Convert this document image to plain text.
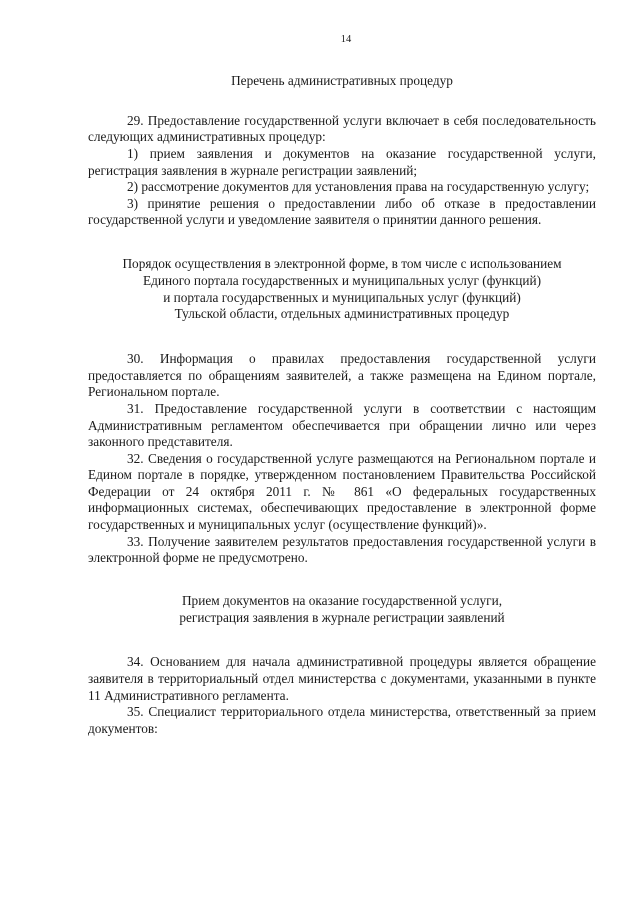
14
Перечень административных процедур
29. Предоставление государственной услуги включает в себя последовательность следующих административных процедур:
1) прием заявления и документов на оказание государственной услуги, регистрация заявления в журнале регистрации заявлений;
2) рассмотрение документов для установления права на государственную услугу;
3) принятие решения о предоставлении либо об отказе в предоставлении государственной услуги и уведомление заявителя о принятии данного решения.
Порядок осуществления в электронной форме, в том числе с использованием
Единого портала государственных и муниципальных услуг (функций)
и портала государственных и муниципальных услуг (функций)
Тульской области, отдельных административных процедур
30. Информация о правилах предоставления государственной услуги предоставляется по обращениям заявителей, а также размещена на Едином портале, Региональном портале.
31. Предоставление государственной услуги в соответствии с настоящим Административным регламентом обеспечивается при обращении лично или через законного представителя.
32. Сведения о государственной услуге размещаются на Региональном портале и Едином портале в порядке, утвержденном постановлением Правительства Российской Федерации от 24 октября 2011 г. № 861 «О федеральных государственных информационных системах, обеспечивающих предоставление в электронной форме государственных и муниципальных услуг (осуществление функций)».
33. Получение заявителем результатов предоставления государственной услуги в электронной форме не предусмотрено.
Прием документов на оказание государственной услуги,
регистрация заявления в журнале регистрации заявлений
34. Основанием для начала административной процедуры является обращение заявителя в территориальный отдел министерства с документами, указанными в пункте 11 Административного регламента.
35. Специалист территориального отдела министерства, ответственный за прием документов:
